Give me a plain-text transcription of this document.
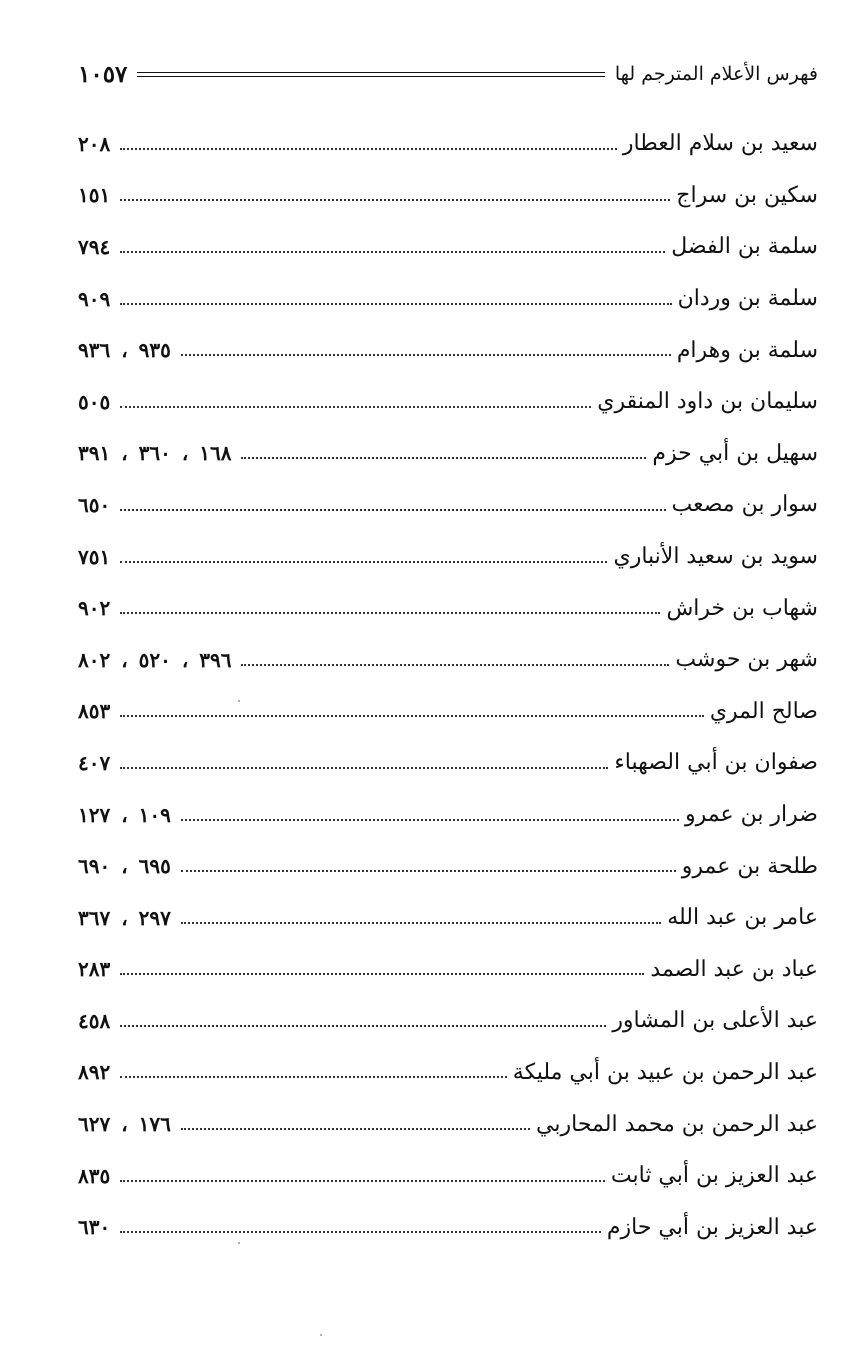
فهرس الأعلام المترجم لها
١٠٥٧
سعيد بن سلام العطار
٢٠٨
سكين بن سراج
١٥١
سلمة بن الفضل
٧٩٤
سلمة بن وردان
٩٠٩
سلمة بن وهرام
٩٣٥ ، ٩٣٦
سليمان بن داود المنقري
٥٠٥
سهيل بن أبي حزم
١٦٨ ، ٣٦٠ ، ٣٩١
سوار بن مصعب
٦٥٠
سويد بن سعيد الأنباري
٧٥١
شهاب بن خراش
٩٠٢
شهر بن حوشب
٣٩٦ ، ٥٢٠ ، ٨٠٢
صالح المري
٨٥٣
صفوان بن أبي الصهباء
٤٠٧
ضرار بن عمرو
١٠٩ ، ١٢٧
طلحة بن عمرو
٦٩٥ ، ٦٩٠
عامر بن عبد الله
٢٩٧ ، ٣٦٧
عباد بن عبد الصمد
٢٨٣
عبد الأعلى بن المشاور
٤٥٨
عبد الرحمن بن عبيد بن أبي مليكة
٨٩٢
عبد الرحمن بن محمد المحاربي
١٧٦ ، ٦٢٧
عبد العزيز بن أبي ثابت
٨٣٥
عبد العزيز بن أبي حازم
٦٣٠
